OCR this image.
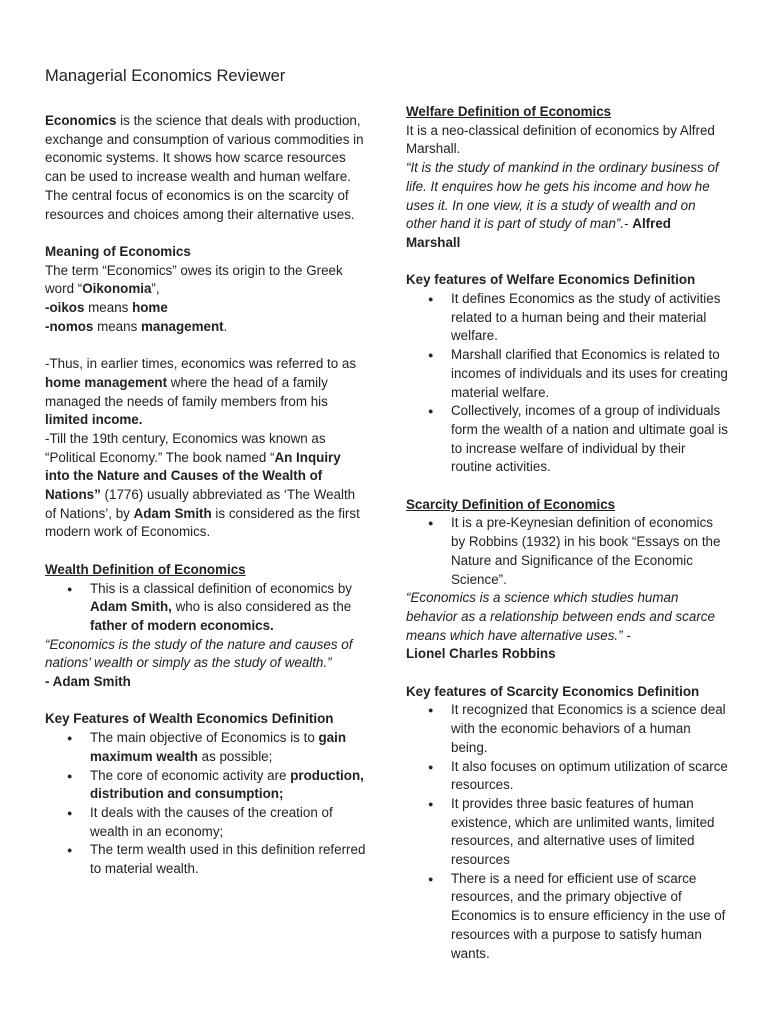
Managerial Economics Reviewer

Economics is the science that deals with production, exchange and consumption of various commodities in economic systems. It shows how scarce resources can be used to increase wealth and human welfare. The central focus of economics is on the scarcity of resources and choices among their alternative uses.

Meaning of Economics

The term “Economics” owes its origin to the Greek word “Oikonomia”,

-oikos means home

-nomos means management.

-Thus, in earlier times, economics was referred to as home management where the head of a family managed the needs of family members from his limited income.

-Till the 19th century, Economics was known as “Political Economy.” The book named “An Inquiry into the Nature and Causes of the Wealth of Nations” (1776) usually abbreviated as ‘The Wealth of Nations’, by Adam Smith is considered as the first modern work of Economics.

Wealth Definition of Economics

● This is a classical definition of economics by Adam Smith, who is also considered as the father of modern economics.

“Economics is the study of the nature and causes of nations’ wealth or simply as the study of wealth.”

- Adam Smith

Key Features of Wealth Economics Definition

● The main objective of Economics is to gain maximum wealth as possible;
● The core of economic activity are production, distribution and consumption;
● It deals with the causes of the creation of wealth in an economy;
● The term wealth used in this definition referred to material wealth.

Welfare Definition of Economics

It is a neo-classical definition of economics by Alfred Marshall.

“It is the study of mankind in the ordinary business of life. It enquires how he gets his income and how he uses it. In one view, it is a study of wealth and on other hand it is part of study of man”.- Alfred Marshall

Key features of Welfare Economics Definition

● It defines Economics as the study of activities related to a human being and their material welfare.
● Marshall clarified that Economics is related to incomes of individuals and its uses for creating material welfare.
● Collectively, incomes of a group of individuals form the wealth of a nation and ultimate goal is to increase welfare of individual by their routine activities.

Scarcity Definition of Economics

● It is a pre-Keynesian definition of economics by Robbins (1932) in his book “Essays on the Nature and Significance of the Economic Science”.

“Economics is a science which studies human behavior as a relationship between ends and scarce means which have alternative uses.” -

Lionel Charles Robbins

Key features of Scarcity Economics Definition

● It recognized that Economics is a science deal with the economic behaviors of a human being.
● It also focuses on optimum utilization of scarce resources.
● It provides three basic features of human existence, which are unlimited wants, limited resources, and alternative uses of limited resources
● There is a need for efficient use of scarce resources, and the primary objective of Economics is to ensure efficiency in the use of resources with a purpose to satisfy human wants.
